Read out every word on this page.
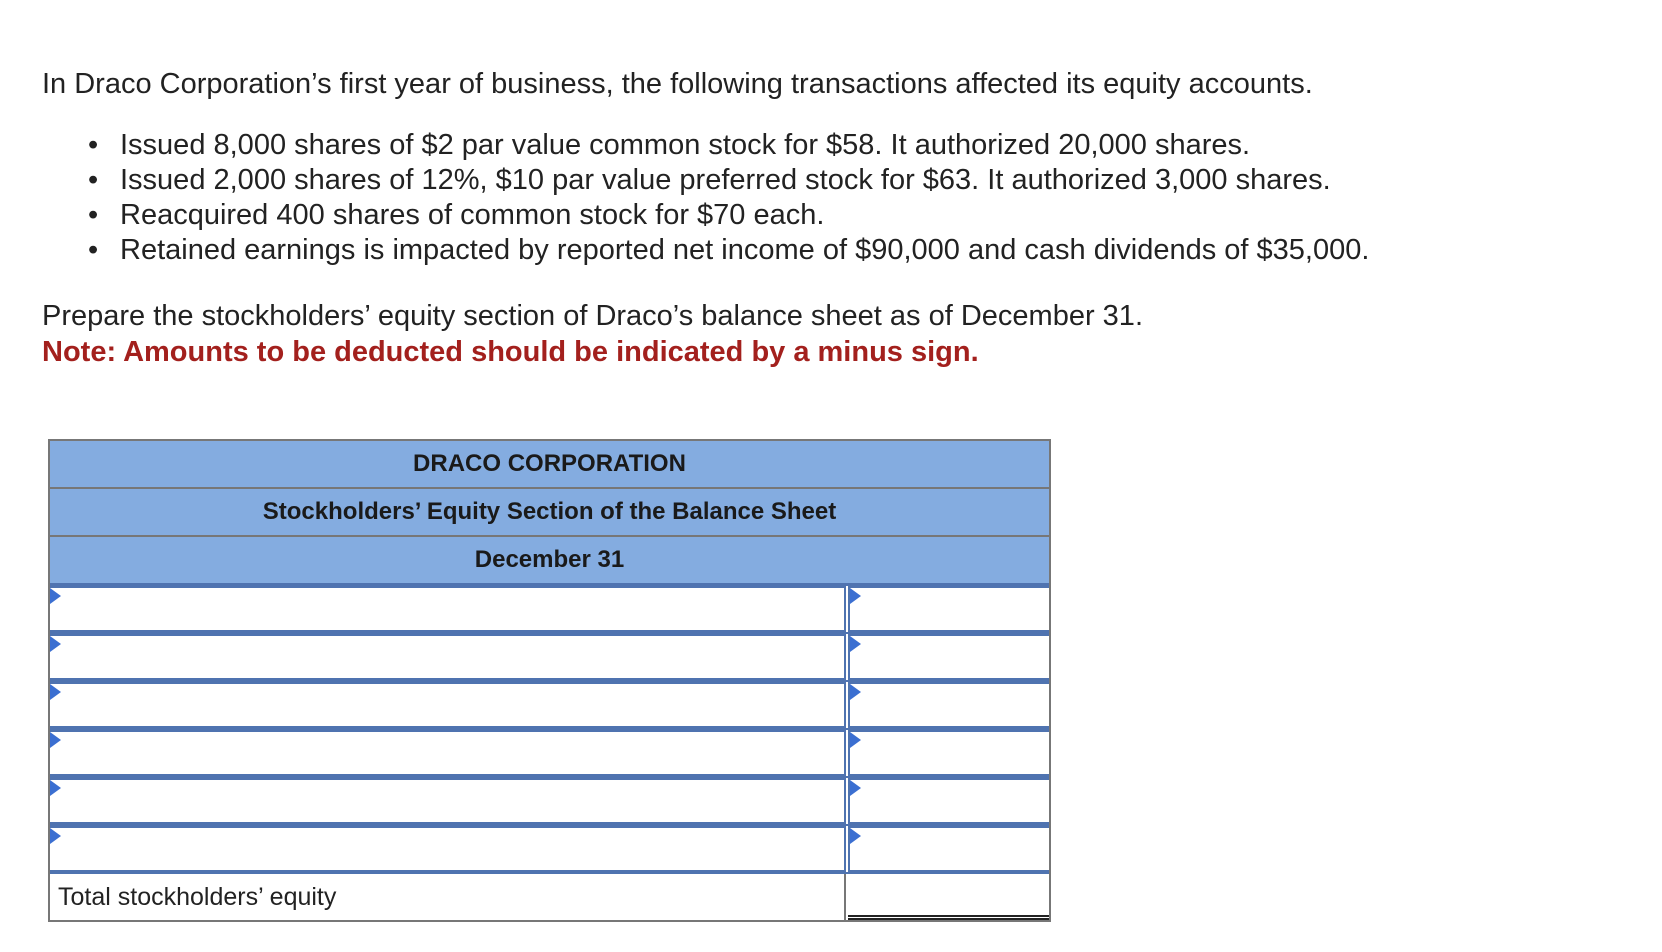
In Draco Corporation’s first year of business, the following transactions affected its equity accounts.

• Issued 8,000 shares of $2 par value common stock for $58. It authorized 20,000 shares.
• Issued 2,000 shares of 12%, $10 par value preferred stock for $63. It authorized 3,000 shares.
• Reacquired 400 shares of common stock for $70 each.
• Retained earnings is impacted by reported net income of $90,000 and cash dividends of $35,000.

Prepare the stockholders’ equity section of Draco’s balance sheet as of December 31.

Note: Amounts to be deducted should be indicated by a minus sign.

DRACO CORPORATION
Stockholders’ Equity Section of the Balance Sheet
December 31
Total stockholders’ equity
